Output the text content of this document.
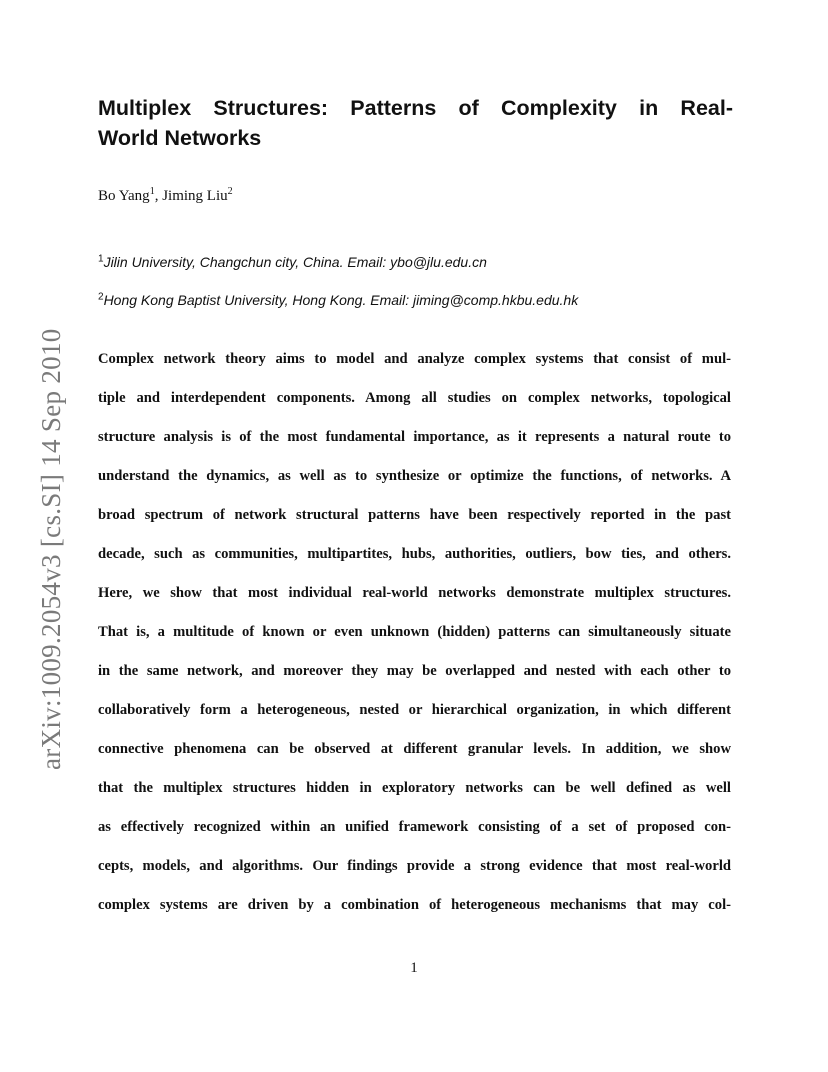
arXiv:1009.2054v3 [cs.SI] 14 Sep 2010
Multiplex Structures: Patterns of Complexity in Real-
World Networks
Bo Yang$^1$, Jiming Liu$^2$
$^1$Jilin University, Changchun city, China. Email: ybo@jlu.edu.cn
$^2$Hong Kong Baptist University, Hong Kong. Email: jiming@comp.hkbu.edu.hk
Complex network theory aims to model and analyze complex systems that consist of mul-
tiple and interdependent components. Among all studies on complex networks, topological
structure analysis is of the most fundamental importance, as it represents a natural route to
understand the dynamics, as well as to synthesize or optimize the functions, of networks. A
broad spectrum of network structural patterns have been respectively reported in the past
decade, such as communities, multipartites, hubs, authorities, outliers, bow ties, and others.
Here, we show that most individual real-world networks demonstrate multiplex structures.
That is, a multitude of known or even unknown (hidden) patterns can simultaneously situate
in the same network, and moreover they may be overlapped and nested with each other to
collaboratively form a heterogeneous, nested or hierarchical organization, in which different
connective phenomena can be observed at different granular levels. In addition, we show
that the multiplex structures hidden in exploratory networks can be well defined as well
as effectively recognized within an unified framework consisting of a set of proposed con-
cepts, models, and algorithms. Our findings provide a strong evidence that most real-world
complex systems are driven by a combination of heterogeneous mechanisms that may col-
1
